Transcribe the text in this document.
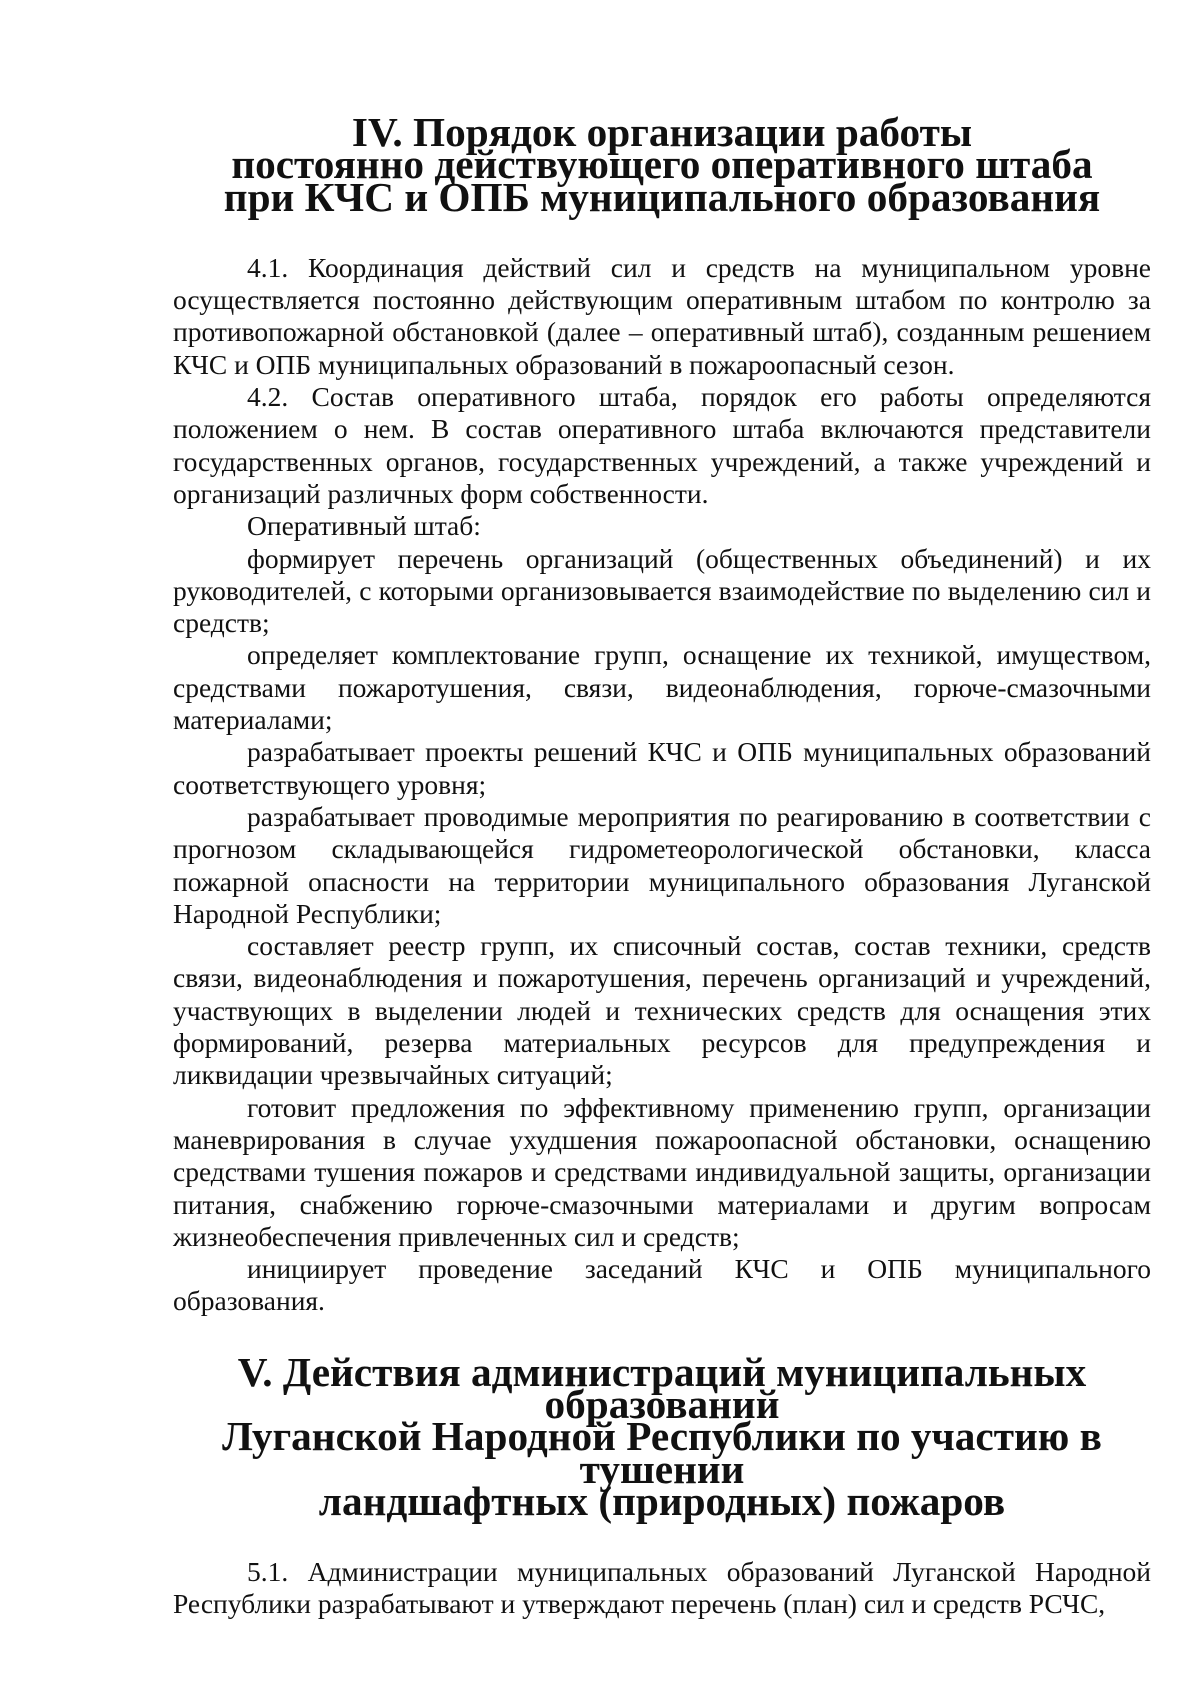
IV. Порядок организации работы
постоянно действующего оперативного штаба
при КЧС и ОПБ муниципального образования

4.1. Координация действий сил и средств на муниципальном уровне осуществляется постоянно действующим оперативным штабом по контролю за противопожарной обстановкой (далее – оперативный штаб), созданным решением КЧС и ОПБ муниципальных образований в пожароопасный сезон.

4.2. Состав оперативного штаба, порядок его работы определяются положением о нем. В состав оперативного штаба включаются представители государственных органов, государственных учреждений, а также учреждений и организаций различных форм собственности.

Оперативный штаб:

формирует перечень организаций (общественных объединений) и их руководителей, с которыми организовывается взаимодействие по выделению сил и средств;

определяет комплектование групп, оснащение их техникой, имуществом, средствами пожаротушения, связи, видеонаблюдения, горюче-смазочными материалами;

разрабатывает проекты решений КЧС и ОПБ муниципальных образований соответствующего уровня;

разрабатывает проводимые мероприятия по реагированию в соответствии с прогнозом складывающейся гидрометеорологической обстановки, класса пожарной опасности на территории муниципального образования Луганской Народной Республики;

составляет реестр групп, их списочный состав, состав техники, средств связи, видеонаблюдения и пожаротушения, перечень организаций и учреждений, участвующих в выделении людей и технических средств для оснащения этих формирований, резерва материальных ресурсов для предупреждения и ликвидации чрезвычайных ситуаций;

готовит предложения по эффективному применению групп, организации маневрирования в случае ухудшения пожароопасной обстановки, оснащению средствами тушения пожаров и средствами индивидуальной защиты, организации питания, снабжению горюче-смазочными материалами и другим вопросам жизнеобеспечения привлеченных сил и средств;

инициирует проведение заседаний КЧС и ОПБ муниципального образования.

V. Действия администраций муниципальных образований
Луганской Народной Республики по участию в тушении
ландшафтных (природных) пожаров

5.1. Администрации муниципальных образований Луганской Народной Республики разрабатывают и утверждают перечень (план) сил и средств РСЧС,
